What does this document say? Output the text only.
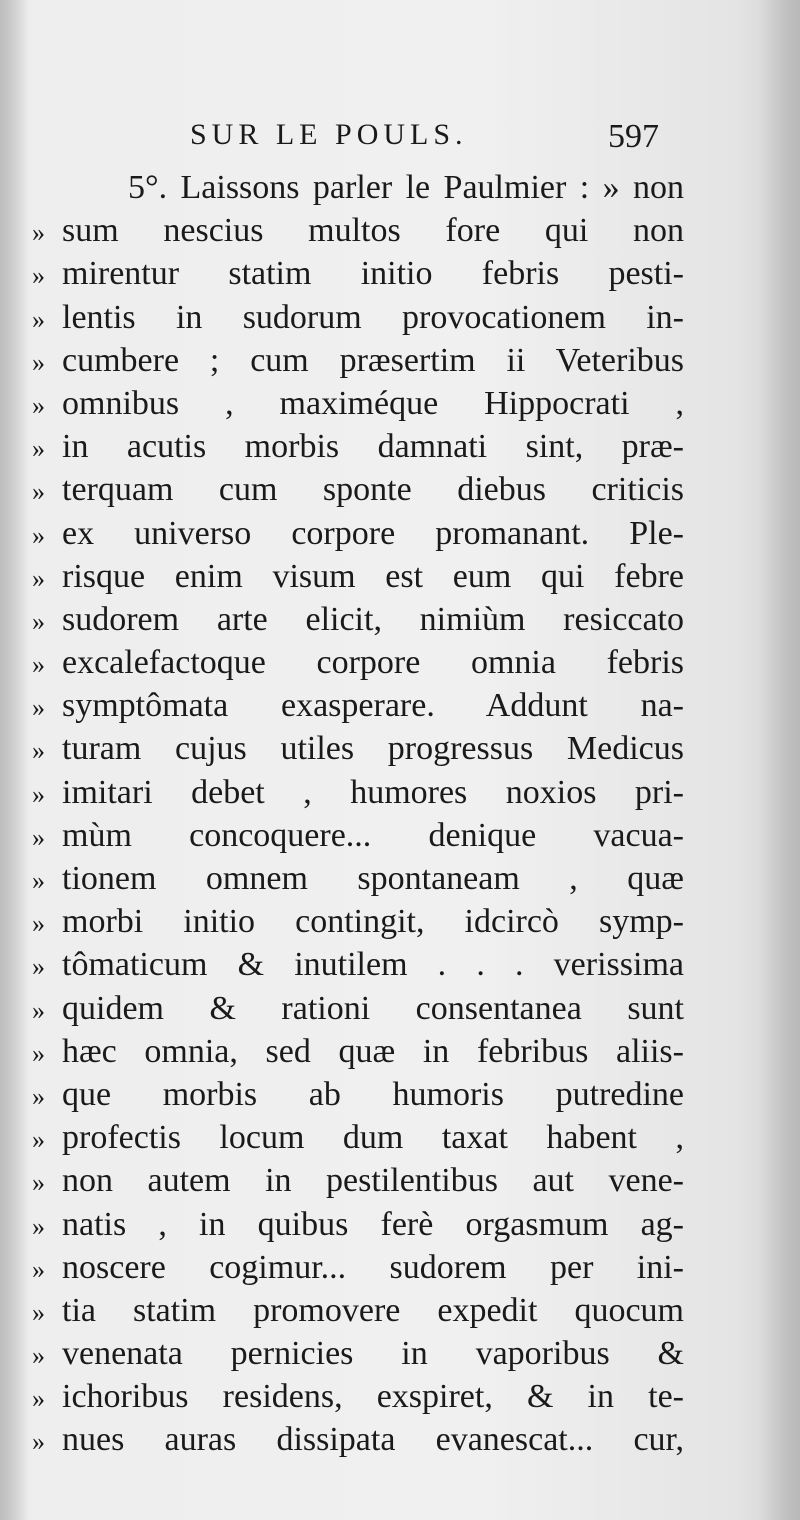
SUR LE POULS.	597
5°. Laissons parler le Paulmier : » non
» sum nescius multos fore qui non
» mirentur statim initio febris pesti-
» lentis in sudorum provocationem in-
» cumbere ; cum præsertim ii Veteribus
» omnibus , maximéque Hippocrati ,
» in acutis morbis damnati sint, præ-
» terquam cum sponte diebus criticis
» ex universo corpore promanant. Ple-
» risque enim visum est eum qui febre
» sudorem arte elicit, nimiùm resiccato
» excalefactoque corpore omnia febris
» symptômata exasperare. Addunt na-
» turam cujus utiles progressus Medicus
» imitari debet , humores noxios pri-
» mùm concoquere... denique vacua-
» tionem omnem spontaneam , quæ
» morbi initio contingit, idcircò symp-
» tômaticum & inutilem . . . verissima
» quidem & rationi consentanea sunt
» hæc omnia, sed quæ in febribus aliis-
» que morbis ab humoris putredine
» profectis locum dum taxat habent ,
» non autem in pestilentibus aut vene-
» natis , in quibus ferè orgasmum ag-
» noscere cogimur... sudorem per ini-
» tia statim promovere expedit quocum
» venenata pernicies in vaporibus &
» ichoribus residens, exspiret, & in te-
» nues auras dissipata evanescat... cur,
